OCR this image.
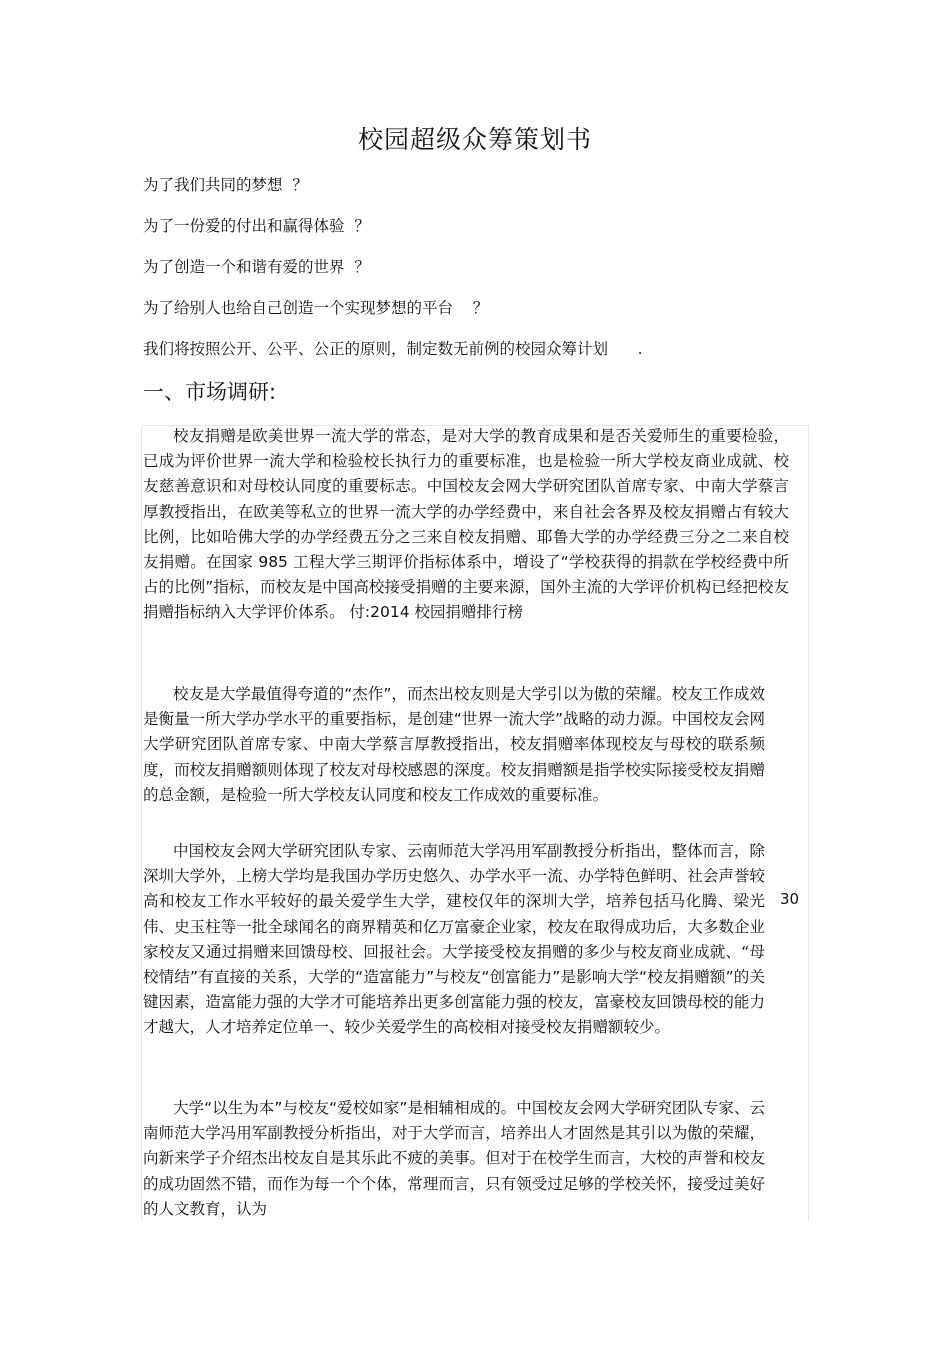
校园超级众筹策划书
为了我们共同的梦想  ？
为了一份爱的付出和赢得体验  ？
为了创造一个和谐有爱的世界  ？
为了给别人也给自己创造一个实现梦想的平台    ？
我们将按照公开、公平、公正的原则，制定数无前例的校园众筹计划      .
一、市场调研:

校友捐赠是欧美世界一流大学的常态，是对大学的教育成果和是否关爱师生的重要检验，已成为评价世界一流大学和检验校长执行力的重要标准，也是检验一所大学校友商业成就、校友慈善意识和对母校认同度的重要标志。中国校友会网大学研究团队首席专家、中南大学蔡言厚教授指出，在欧美等私立的世界一流大学的办学经费中，来自社会各界及校友捐赠占有较大比例，比如哈佛大学的办学经费五分之三来自校友捐赠、耶鲁大学的办学经费三分之二来自校友捐赠。在国家 985 工程大学三期评价指标体系中，增设了“学校获得的捐款在学校经费中所占的比例”指标，而校友是中国高校接受捐赠的主要来源，国外主流的大学评价机构已经把校友捐赠指标纳入大学评价体系。 付:2014 校园捐赠排行榜

校友是大学最值得夸道的“杰作”，而杰出校友则是大学引以为傲的荣耀。校友工作成效是衡量一所大学办学水平的重要指标，是创建“世界一流大学”战略的动力源。中国校友会网大学研究团队首席专家、中南大学蔡言厚教授指出，校友捐赠率体现校友与母校的联系频度，而校友捐赠额则体现了校友对母校感恩的深度。校友捐赠额是指学校实际接受校友捐赠的总金额，是检验一所大学校友认同度和校友工作成效的重要标准。

中国校友会网大学研究团队专家、云南师范大学冯用军副教授分析指出，整体而言，除深圳大学外，上榜大学均是我国办学历史悠久、办学水平一流、办学特色鲜明、社会声誉较高和校友工作水平较好的最关爱学生大学，建校仅年的深圳大学，培养包括马化腾、梁光伟、史玉柱等一批全球闻名的商界精英和亿万富豪企业家，校友在取得成功后，大多数企业家校友又通过捐赠来回馈母校、回报社会。大学接受校友捐赠的多少与校友商业成就、“母校情结”有直接的关系，大学的“造富能力”与校友“创富能力”是影响大学“校友捐赠额”的关键因素，造富能力强的大学才可能培养出更多创富能力强的校友，富豪校友回馈母校的能力才越大，人才培养定位单一、较少关爱学生的高校相对接受校友捐赠额较少。

大学“以生为本”与校友“爱校如家”是相辅相成的。中国校友会网大学研究团队专家、云南师范大学冯用军副教授分析指出，对于大学而言，培养出人才固然是其引以为傲的荣耀，向新来学子介绍杰出校友自是其乐此不疲的美事。但对于在校学生而言，大校的声誉和校友的成功固然不错，而作为每一个个体，常理而言，只有领受过足够的学校关怀，接受过美好的人文教育，认为

30
